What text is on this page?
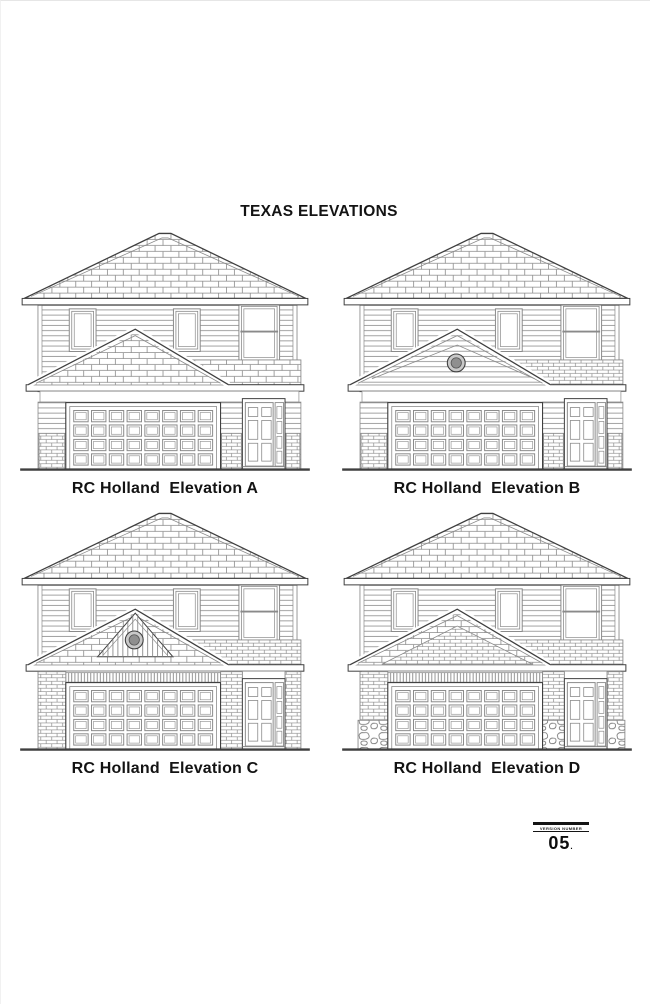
TEXAS ELEVATIONS
RC Holland  Elevation A	RC Holland  Elevation B
RC Holland  Elevation C	RC Holland  Elevation D
VERSION NUMBER
05.
